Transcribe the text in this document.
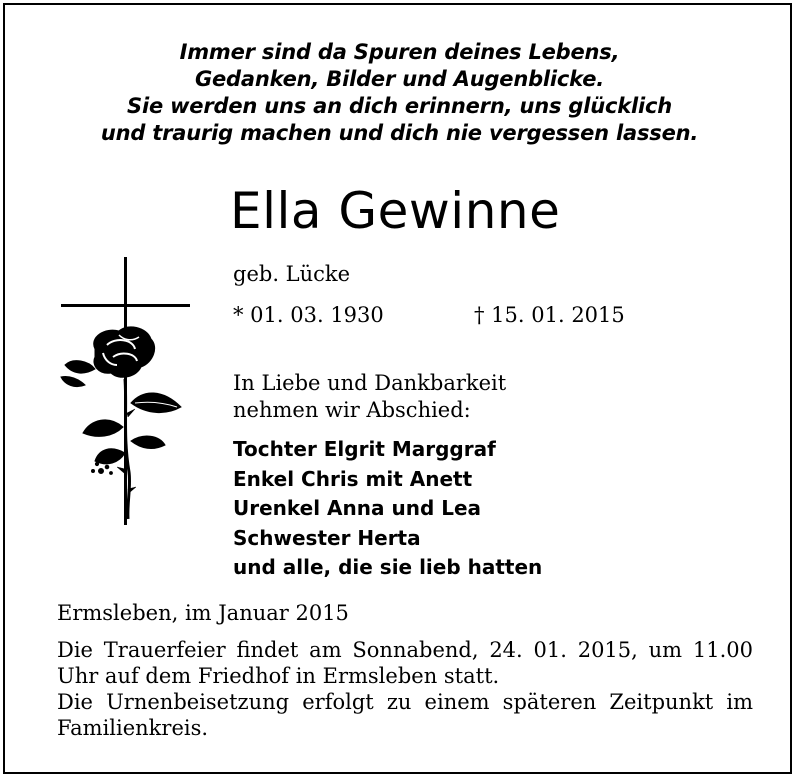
Immer sind da Spuren deines Lebens,
Gedanken, Bilder und Augenblicke.
Sie werden uns an dich erinnern, uns glücklich
und traurig machen und dich nie vergessen lassen.
Ella Gewinne
geb. Lücke
* 01. 03. 1930	† 15. 01. 2015
In Liebe und Dankbarkeit
nehmen wir Abschied:
Tochter Elgrit Marggraf
Enkel Chris mit Anett
Urenkel Anna und Lea
Schwester Herta
und alle, die sie lieb hatten
Ermsleben, im Januar 2015

Die Trauerfeier findet am Sonnabend, 24. 01. 2015, um 11.00 Uhr auf dem Friedhof in Ermsleben statt.

Die Urnenbeisetzung erfolgt zu einem späteren Zeitpunkt im Familienkreis.
